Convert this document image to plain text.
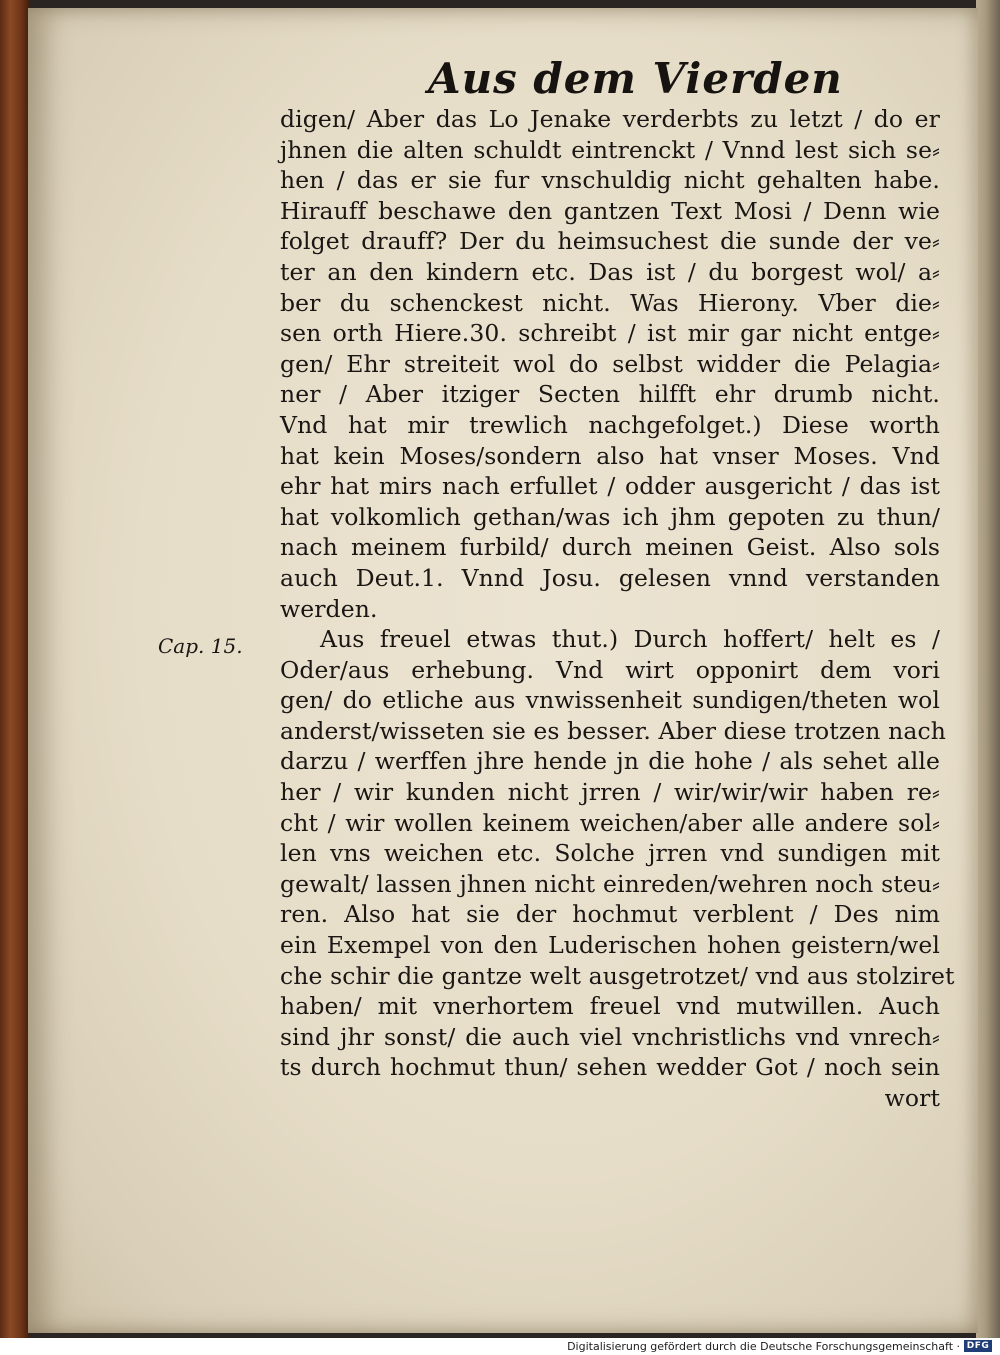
Aus dem Vierden
Cap. 15.
digen/ Aber das Lo Jenake verderbts zu letzt / do er
jhnen die alten schuldt eintrenckt / Vnnd lest sich se⸗
hen / das er sie fur vnschuldig nicht gehalten habe.
Hirauff beschawe den gantzen Text Mosi / Denn wie
folget drauff? Der du heimsuchest die sunde der ve⸗
ter an den kindern etc. Das ist / du borgest wol/ a⸗
ber du schenckest nicht. Was Hierony. Vber die⸗
sen orth Hiere.30. schreibt / ist mir gar nicht entge⸗
gen/ Ehr streiteit wol do selbst widder die Pelagia⸗
ner / Aber itziger Secten hilfft ehr drumb nicht.
Vnd hat mir trewlich nachgefolget.) Diese worth
hat kein Moses/sondern also hat vnser Moses. Vnd
ehr hat mirs nach erfullet / odder ausgericht / das ist
hat volkomlich gethan/was ich jhm gepoten zu thun/
nach meinem furbild/ durch meinen Geist. Also sols
auch Deut.1. Vnnd Josu. gelesen vnnd verstanden
werden.
Aus freuel etwas thut.) Durch hoffert/ helt es /
Oder/aus erhebung. Vnd wirt opponirt dem vori
gen/ do etliche aus vnwissenheit sundigen/theten wol
anderst/wisseten sie es besser. Aber diese trotzen nach
darzu / werffen jhre hende jn die hohe / als sehet alle
her / wir kunden nicht jrren / wir/wir/wir haben re⸗
cht / wir wollen keinem weichen/aber alle andere sol⸗
len vns weichen etc. Solche jrren vnd sundigen mit
gewalt/ lassen jhnen nicht einreden/wehren noch steu⸗
ren. Also hat sie der hochmut verblent / Des nim
ein Exempel von den Luderischen hohen geistern/wel
che schir die gantze welt ausgetrotzet/ vnd aus stolziret
haben/ mit vnerhortem freuel vnd mutwillen. Auch
sind jhr sonst/ die auch viel vnchristlichs vnd vnrech⸗
ts durch hochmut thun/ sehen wedder Got / noch sein
wort
Digitalisierung gefördert durch die Deutsche Forschungsgemeinschaft · DFG
